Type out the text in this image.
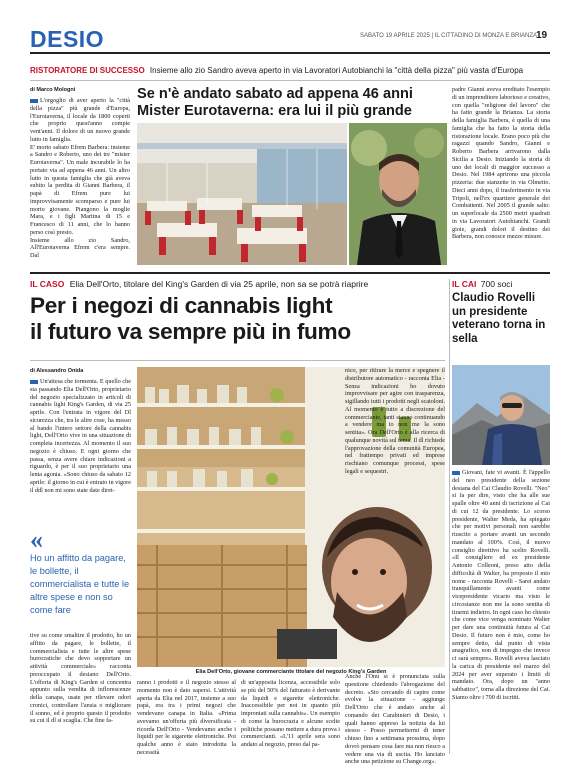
DESIO	SABATO 19 APRILE 2025 | IL CITTADINO DI MONZA E BRIANZA
19
RISTORATORE DI SUCCESSO Insieme allo zio Sandro aveva aperto in via Lavoratori Autobianchi la "città della pizza" più vasta d'Europa
di Marco Mologni

L'orgoglio di aver aperto la "città della pizza" più grande d'Europa, l'Eurotaverna, il locale da 1800 coperti che proprio quest'anno compie vent'anni. Il dolore di un nuovo grande lutto in famiglia.
E' morto sabato Efrem Barbera: insieme a Sandro e Roberto, uno dei tre "mister Eurotaverna". Un male incurabile lo ha portato via ad appena 46 anni. Un altro lutto in questa famiglia che già aveva subito la perdita di Gianni Barbera, il papà di Efrem pure lui improvvisamente scomparso e pure lui morto giovane. Piangono la moglie Mara, e i figli Martina di 15 e Francesco di 11 anni, che lo hanno perso così presto.
Insieme allo zio Sandro, All'Eurotaverna Efrem c'era sempre. Dal

Se n'è andato sabato ad appena 46 anni
Mister Eurotaverna: era lui il più grande

padre Gianni aveva ereditato l'esempio di un imprenditore laborioso e creativo, con quella "religione del lavoro" che ha fatto grande la Brianza. La storia della famiglia Barbera, è quella di una famiglia che ha fatto la storia della ristorazione locale. Erano poco più che ragazzi quando Sandro, Gianni e Roberto Barbera arrivarono dalla Sicilia a Desio. Iniziando la storia di uno dei locali di maggior successo a Desio. Nel 1984 aprirono una piccola pizzeria: due stanzette in via Olmetto. Dieci anni dopo, il trasferimento in via Tripoli, nell'ex quartiere generale dei Combattenti. Nel 2005 il grande salto: un superlocale da 2500 metri quadrati in via Lavoratori Autobianchi. Grandi gioie, grandi dolori il destino dei Barbera, non conosce mezze misure.

IL CASO Elia Dell'Orto, titolare del King's Garden di via 25 aprile, non sa se potrà riaprire
Per i negozi di cannabis light
il futuro va sempre più in fumo
di Alessandro Onida

Un'attesa che tormenta. E quello che sta passando Elia Dell'Orto, proprietario del negozio specializzato in articoli di cannabis light King's Garden, di via 25 aprile. Con l'entrata in vigore del Dl sicurezza che, tra le altre cose, ha messo al bando l'intero settore della cannabis light, Dell'Orto vive in una situazione di completa incertezza. Al momento il suo negozio è chiuso. E ogni giorno che passa, senza avere chiare indicazioni a riguardo, è per il suo proprietario una lenta agonia. «Sono chiuso da sabato 12 aprile: il giorno in cui è entrato in vigore il ddl non mi sono state date diret-

«
Ho un affitto da pagare, le bollette, il commercialista e tutte le altre spese e non so come fare

tive su come smaltire il prodotto, ho un affitto da pagare, le bollette, il commercialista e tutte le altre spese burocratiche che devo sopportare un attività commerciale» racconta preoccupato il desiano Dell'Orto. L'offerta di King's Garden si concentra appunto sulla vendita di inflorescenze della canapa, usate per rilevare odori cronici, controllare l'ansia o migliorare il sonno, ed è proprio questo il prodotto su cui il dl si scaglia. Che fine fa-

Elia Dell'Orto, giovane commerciante titolare del negozio King's Garden

ranno i prodotti e il negozio stesso al momento non è dato sapersi. L'attività aperta da Elia nel 2017, insieme a suo papà, era tra i primi negozi che vendevano canapa in Italia. «Prima avevamo un'offerta più diversificata - ricorda Dell'Orto - Vendevamo anche i liquidi per le sigarette elettroniche. Poi qualche anno è stato introdotta la necessità

di un'apposita licenza, accessibile solo se più del 50% del fatturato è derivante da liquidi e sigarette elettroniche. Inaccessibile per noi in quanto più improntati sulla cannabis». Un esempio di come la burocrazia e alcune scelte politiche possano mettere a dura prova i commercianti. «L'11 aprile sera sono andato al negozio, preso dal pa-

nico, per ritirare la merce e spegnere il distributore automatico - racconta Elia - Senza indicazioni ho dovuto improvvisare per agire con trasparenza, sigillando tutti i prodotti negli scatoloni. Al momento è tutto a discrezione del commerciante, tanti stanno continuando a vendere ma io non me la sono sentita». Ora Dell'Orto è alla ricerca di qualunque novità sul tema. Il dl richiede l'approvazione della comunità Europea, nel frattempo privati ed imprese rischiano comunque processi, spese legali e sequestri.

Anche l'Onu si è pronunciata sulla questione chiedendo l'abrogazione del decreto. «Sto cercando di capire come evolve la situazione - aggiunge Dell'Orto che è andato anche al comando dei Carabinieri di Desio, i quali hanno appreso la notizia da lui stesso - Posso permettermi di tener chiuso fino a settimana prossima, dopo dovrò pensare cosa fare ma non riesco a vedere una via di uscita. Ho lanciato anche una petizione su Change.org».

IL CAI 700 soci
Claudio Rovelli un presidente veterano torna in sella

Giovani, fate vi avanti. È l'appello del neo presidente della sezione desiana del Cai Claudio Rovelli. "Neo" si fa per dire, visto che ha alle sue spalle oltre 40 anni di iscrizione al Cai di cui 12 da presidente. Lo scorso presidente, Walter Meda, ha spiegato che per motivi personali non sarebbe riuscito a portare avanti un secondo mandato al 100%. Così, il nuovo consiglio direttivo ha scelto Rovelli. «Il consigliere ed ex presidente Antonio Colleoni, preso atto della difficoltà di Walter, ha proposto il mio nome - racconta Rovelli - Sarei andato tranquillamente avanti come vicepresidente vicario ma visto le circostanze non me la sono sentita di tirarmi indietro. In ogni caso ho chiesto che come vice venga nominato Walter per dare una continuità futura al Cai Desio. Il futuro non è mio, come ho sempre detto, dal punto di vista anagrafico, non di impegno che invece ci sarà sempre». Rovelli aveva lasciato la carica di presidente nel marzo del 2024 per aver superato i limiti di mandato. Ora, dopo un "anno sabbatico", torna alla direzione del Cai. Siamo oltre i 700 di iscritti.
